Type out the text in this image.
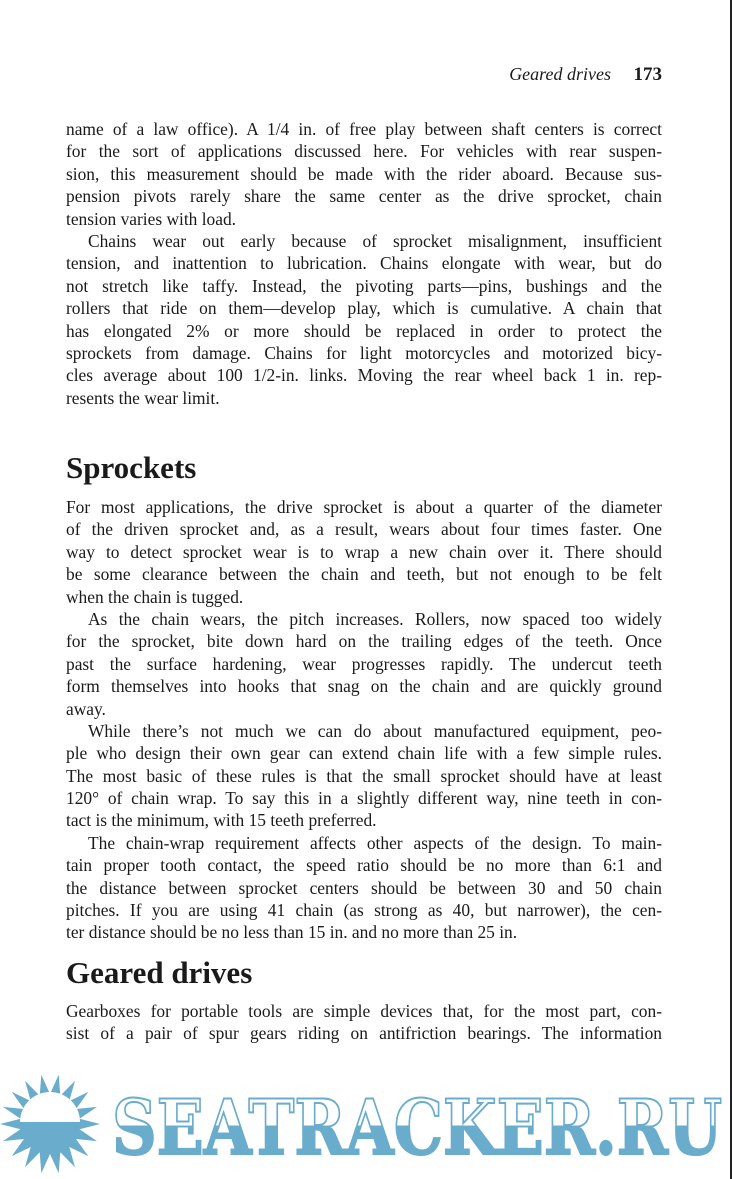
Geared drives 173
name of a law office). A 1/4 in. of free play between shaft centers is correct
for the sort of applications discussed here. For vehicles with rear suspen-
sion, this measurement should be made with the rider aboard. Because sus-
pension pivots rarely share the same center as the drive sprocket, chain
tension varies with load.
Chains wear out early because of sprocket misalignment, insufficient
tension, and inattention to lubrication. Chains elongate with wear, but do
not stretch like taffy. Instead, the pivoting parts—pins, bushings and the
rollers that ride on them—develop play, which is cumulative. A chain that
has elongated 2% or more should be replaced in order to protect the
sprockets from damage. Chains for light motorcycles and motorized bicy-
cles average about 100 1/2-in. links. Moving the rear wheel back 1 in. rep-
resents the wear limit.
Sprockets
For most applications, the drive sprocket is about a quarter of the diameter
of the driven sprocket and, as a result, wears about four times faster. One
way to detect sprocket wear is to wrap a new chain over it. There should
be some clearance between the chain and teeth, but not enough to be felt
when the chain is tugged.
As the chain wears, the pitch increases. Rollers, now spaced too widely
for the sprocket, bite down hard on the trailing edges of the teeth. Once
past the surface hardening, wear progresses rapidly. The undercut teeth
form themselves into hooks that snag on the chain and are quickly ground
away.
While there’s not much we can do about manufactured equipment, peo-
ple who design their own gear can extend chain life with a few simple rules.
The most basic of these rules is that the small sprocket should have at least
120° of chain wrap. To say this in a slightly different way, nine teeth in con-
tact is the minimum, with 15 teeth preferred.
The chain-wrap requirement affects other aspects of the design. To main-
tain proper tooth contact, the speed ratio should be no more than 6:1 and
the distance between sprocket centers should be between 30 and 50 chain
pitches. If you are using 41 chain (as strong as 40, but narrower), the cen-
ter distance should be no less than 15 in. and no more than 25 in.
Geared drives
Gearboxes for portable tools are simple devices that, for the most part, con-
sist of a pair of spur gears riding on antifriction bearings. The information
SEATRACKER.RU
